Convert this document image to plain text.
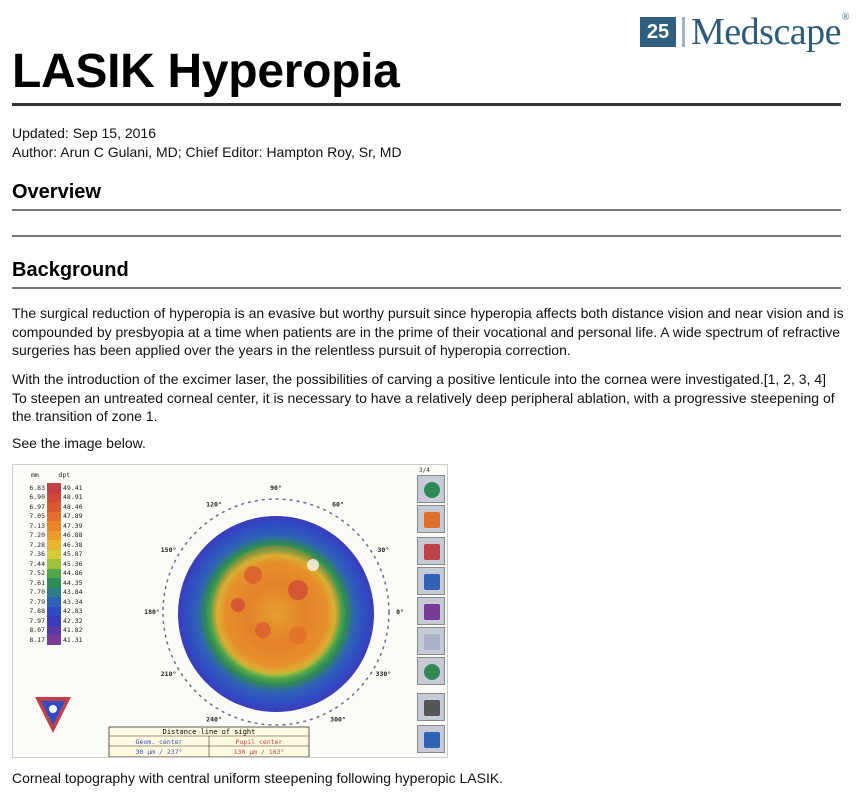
25 Medscape®
LASIK Hyperopia
Updated: Sep 15, 2016
Author: Arun C Gulani, MD; Chief Editor: Hampton Roy, Sr, MD
Overview
Background

The surgical reduction of hyperopia is an evasive but worthy pursuit since hyperopia affects both distance vision and near vision and is compounded by presbyopia at a time when patients are in the prime of their vocational and personal life. A wide spectrum of refractive surgeries has been applied over the years in the relentless pursuit of hyperopia correction.

With the introduction of the excimer laser, the possibilities of carving a positive lenticule into the cornea were investigated.[1, 2, 3, 4] To steepen an untreated corneal center, it is necessary to have a relatively deep peripheral ablation, with a progressive steepening of the transition of zone 1.

See the image below.

mm	dpt
6.83	49.41
6.90	48.91
6.97	48.40
7.05	47.89
7.13	47.39
7.20	46.88
7.28	46.38
7.36	45.87
7.44	45.36
7.52	44.86
7.61	44.35
7.70	43.84
7.79	43.34
7.88	42.83
7.97	42.32
8.07	41.82
8.17	41.31
90°
60°
30°
0°
330°
300°
240°
210°
180°
150°
120°
Distance line of sight
Geom. center	Pupil center
30 µm / 237°	130 µm / 163°
3/4

Corneal topography with central uniform steepening following hyperopic LASIK.
